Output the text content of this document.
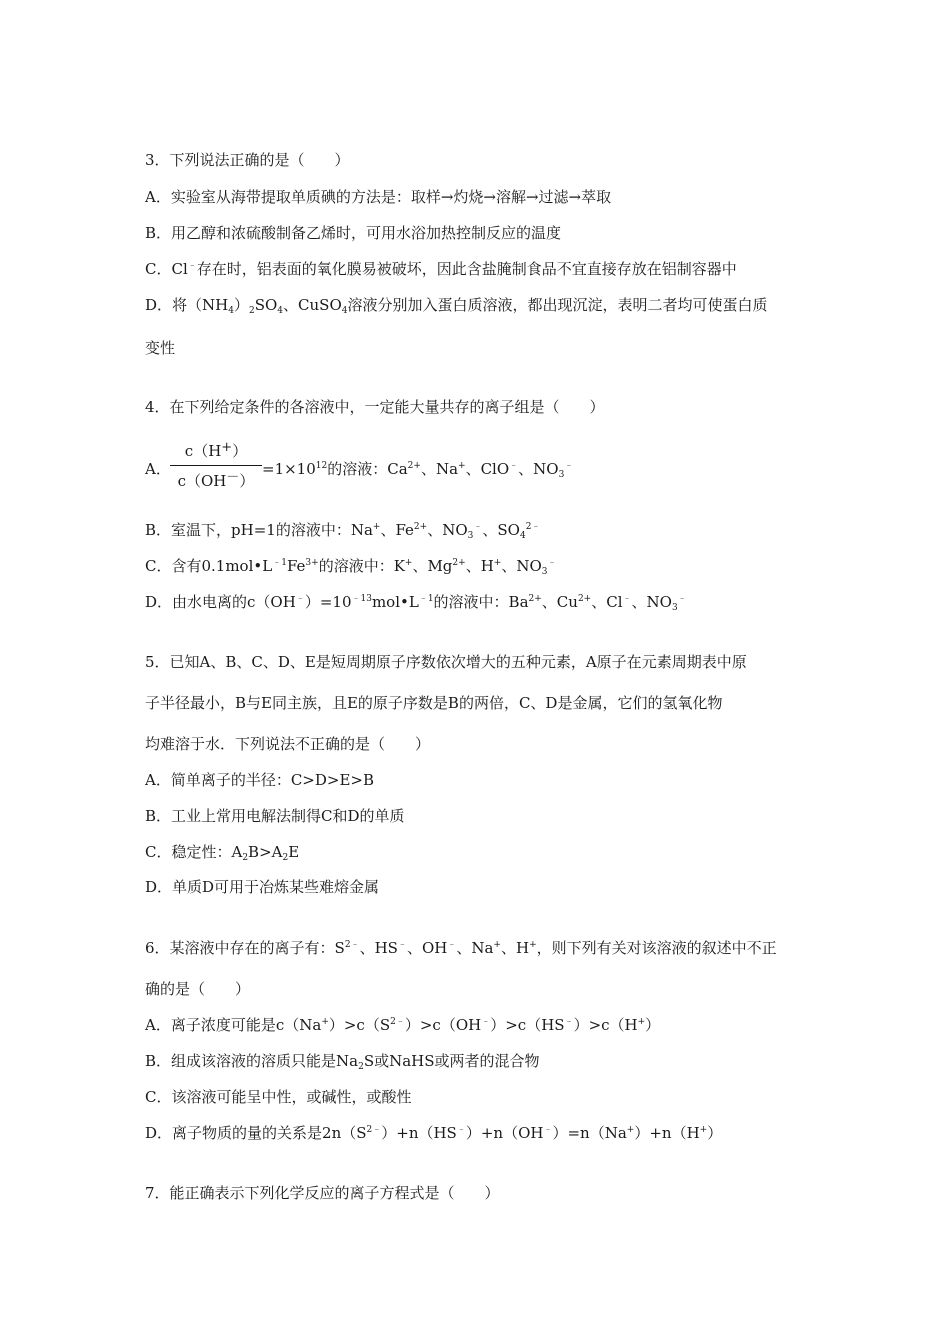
3．下列说法正确的是（　　）
A．实验室从海带提取单质碘的方法是：取样→灼烧→溶解→过滤→萃取
B．用乙醇和浓硫酸制备乙烯时，可用水浴加热控制反应的温度
C．Cl﹣存在时，铝表面的氧化膜易被破坏，因此含盐腌制食品不宜直接存放在铝制容器中
D．将$(NH_4)_2SO_4$、CuSO$_4$溶液分别加入蛋白质溶液，都出现沉淀，表明二者均可使蛋白质
变性
4．在下列给定条件的各溶液中，一定能大量共存的离子组是（　　）
A．
c（H+）
c（OH－）
$=1\times 10^{12}$的溶液：$Ca^{2+}$、Na+、ClO﹣、$NO_3^﹣$
B．室温下，pH=1的溶液中：Na+、$Fe^{2+}$、$NO_3^﹣$、$SO_4^{2﹣}$
C．含有$0.1mol•L^{﹣1}Fe^{3+}$的溶液中：K+、$Mg^{2+}$、H+、$NO_3^﹣$
D．由水电离的$c(OH^﹣)=10^{﹣13}mol•L^{﹣1}$的溶液中：$Ba^{2+}$、$Cu^{2+}$、Cl﹣、$NO_3^﹣$
5．已知A、B、C、D、E是短周期原子序数依次增大的五种元素，A原子在元素周期表中原
子半径最小，B与E同主族，且E的原子序数是B的两倍，C、D是金属，它们的氢氧化物
均难溶于水．下列说法不正确的是（　　）
A．简单离子的半径：C>D>E>B
B．工业上常用电解法制得C和D的单质
C．稳定性：$A_2B>A_2E$
D．单质D可用于冶炼某些难熔金属
6．某溶液中存在的离子有：$S^{2﹣}$、HS﹣、OH﹣、Na+、H+，则下列有关对该溶液的叙述中不正
确的是（　　）
A．离子浓度可能是$c(Na^+)>c(S^{2﹣})>c(OH^﹣)>c(HS^﹣)>c(H^+)$
B．组成该溶液的溶质只能是$Na_2S$或NaHS或两者的混合物
C．该溶液可能呈中性，或碱性，或酸性
D．离子物质的量的关系是$2n(S^{2﹣})+n(HS^﹣)+n(OH^﹣)=n(Na^+)+n(H^+)$
7．能正确表示下列化学反应的离子方程式是（　　）
